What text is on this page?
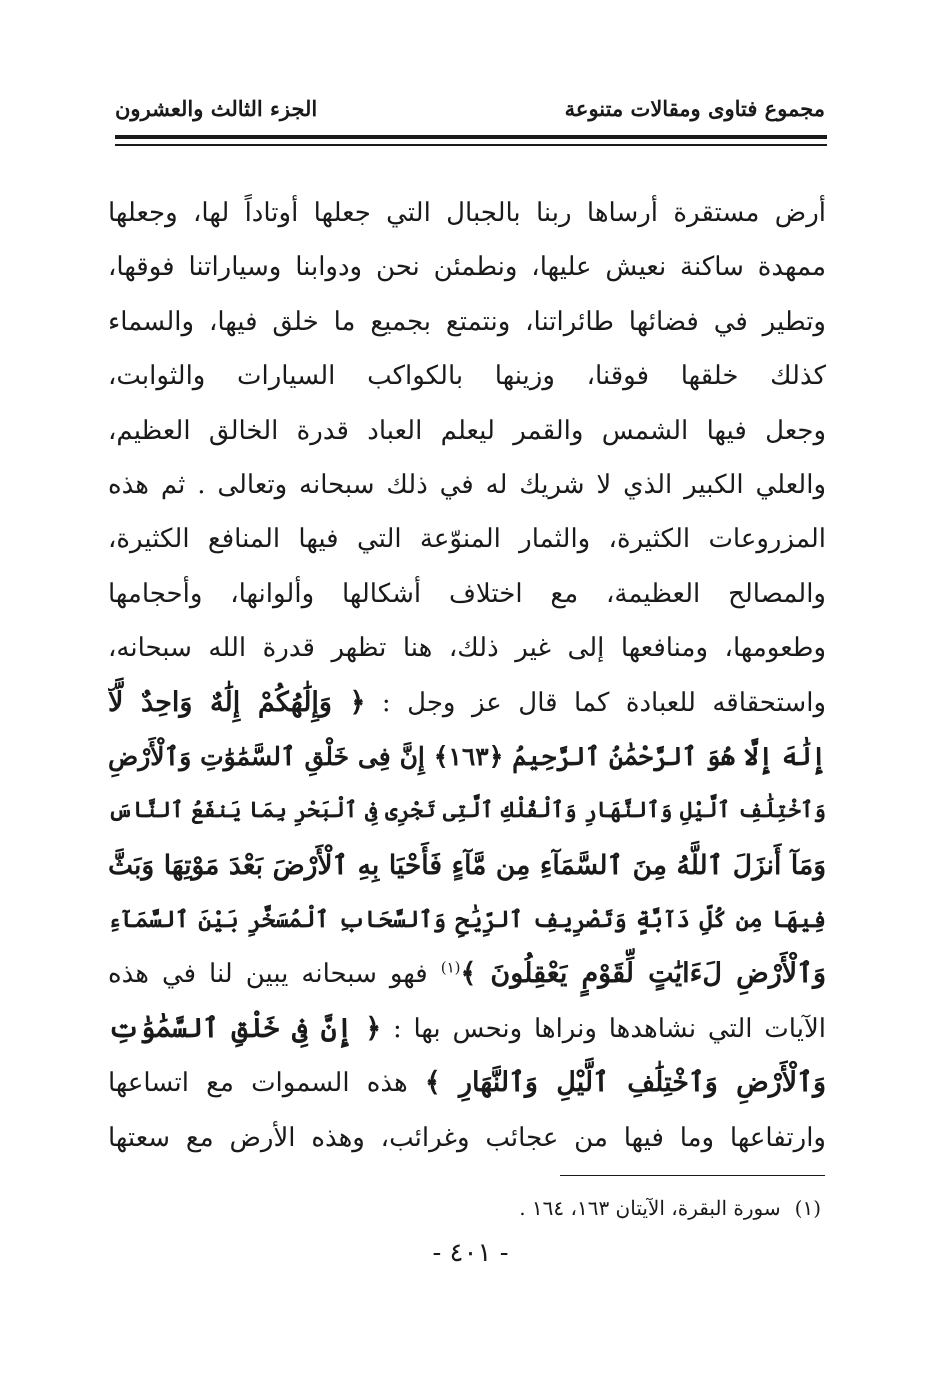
مجموع فتاوى ومقالات متنوعة
الجزء الثالث والعشرون
أرض مستقرة أرساها ربنا بالجبال التي جعلها أوتاداً لها، وجعلها
ممهدة ساكنة نعيش عليها، ونطمئن نحن ودوابنا وسياراتنا فوقها،
وتطير في فضائها طائراتنا، ونتمتع بجميع ما خلق فيها، والسماء
كذلك خلقها فوقنا، وزينها بالكواكب السيارات والثوابت،
وجعل فيها الشمس والقمر ليعلم العباد قدرة الخالق العظيم،
والعلي الكبير الذي لا شريك له في ذلك سبحانه وتعالى . ثم هذه
المزروعات الكثيرة، والثمار المنوّعة التي فيها المنافع الكثيرة،
والمصالح العظيمة، مع اختلاف أشكالها وألوانها، وأحجامها
وطعومها، ومنافعها إلى غير ذلك، هنا تظهر قدرة الله سبحانه،
واستحقاقه للعبادة كما قال عز وجل : ﴿ وَإِلَٰهُكُمْ إِلَٰهٌ وَاحِدٌ لَّآ
إِلَٰهَ إِلَّا هُوَ ٱلرَّحْمَٰنُ ٱلرَّحِيمُ ﴿١٦٣﴾ إِنَّ فِى خَلْقِ ٱلسَّمَٰوَٰتِ وَٱلْأَرْضِ
وَٱخْتِلَٰفِ ٱلَّيْلِ وَٱلنَّهَارِ وَٱلْفُلْكِ ٱلَّتِى تَجْرِى فِى ٱلْبَحْرِ بِمَا يَنفَعُ ٱلنَّاسَ
وَمَآ أَنزَلَ ٱللَّهُ مِنَ ٱلسَّمَآءِ مِن مَّآءٍ فَأَحْيَا بِهِ ٱلْأَرْضَ بَعْدَ مَوْتِهَا وَبَثَّ
فِيهَا مِن كُلِّ دَآبَّةٍ وَتَصْرِيفِ ٱلرِّيَٰحِ وَٱلسَّحَابِ ٱلْمُسَخَّرِ بَيْنَ ٱلسَّمَآءِ
وَٱلْأَرْضِ لَءَايَٰتٍ لِّقَوْمٍ يَعْقِلُونَ ﴾$^{(١)}$ فهو سبحانه يبين لنا في هذه
الآيات التي نشاهدها ونراها ونحس بها : ﴿ إِنَّ فِى خَلْقِ ٱلسَّمَٰوَٰتِ
وَٱلْأَرْضِ وَٱخْتِلَٰفِ ٱلَّيْلِ وَٱلنَّهَارِ ﴾ هذه السموات مع اتساعها
وارتفاعها وما فيها من عجائب وغرائب، وهذه الأرض مع سعتها
(١)سورة البقرة، الآيتان ١٦٣، ١٦٤ .
- ٤٠١ -
